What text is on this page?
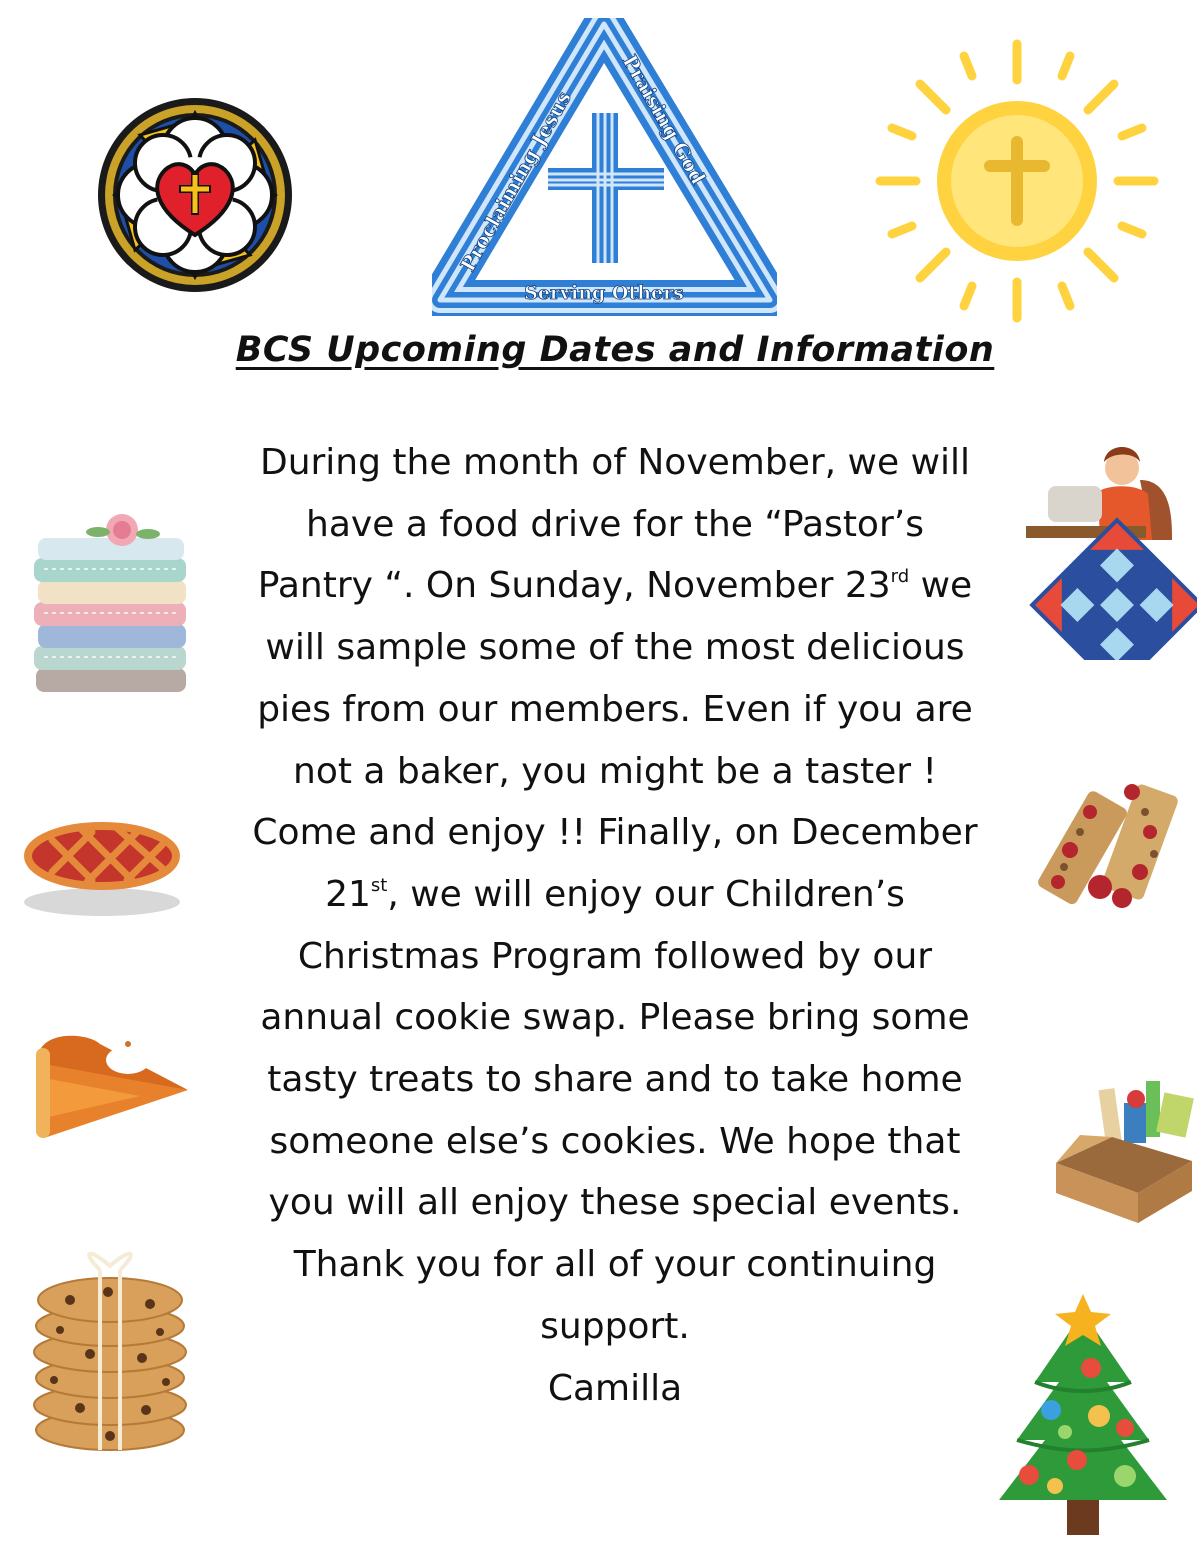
Proclaiming Jesus
Praising God
Serving Others
BCS Upcoming Dates and Information

During the month of November, we will
have a food drive for the “Pastor’s
Pantry “. On Sunday, November 23rd we
will sample some of the most delicious
pies from our members. Even if you are
not a baker, you might be a taster !
Come and enjoy !! Finally, on December
21st, we will enjoy our Children’s
Christmas Program followed by our
annual cookie swap. Please bring some
tasty treats to share and to take home
someone else’s cookies. We hope that
you will all enjoy these special events.
Thank you for all of your continuing
support.
Camilla
